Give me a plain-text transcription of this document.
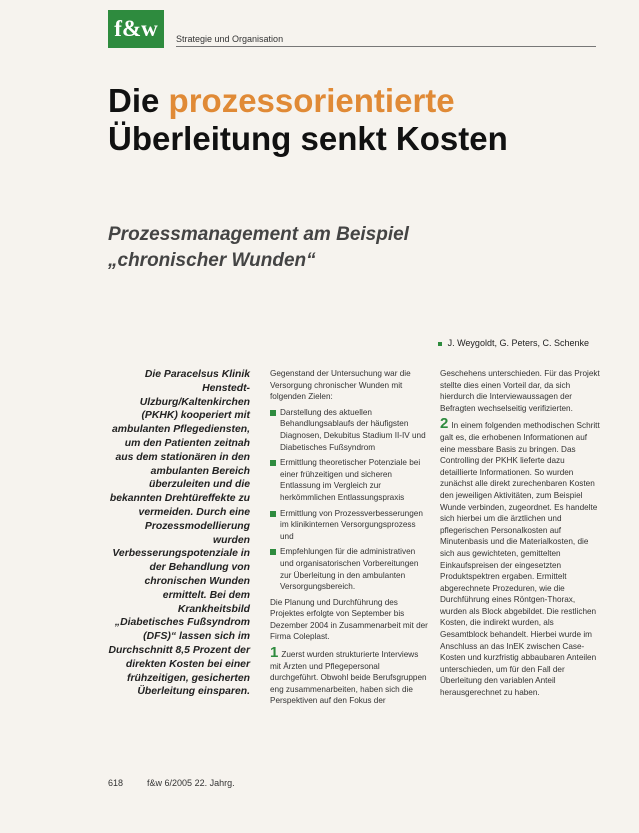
f&w	Strategie und Organisation
Die prozessorientierte
Überleitung senkt Kosten
Prozessmanagement am Beispiel
„chronischer Wunden“
J. Weygoldt, G. Peters, C. Schenke
Die Paracelsus Klinik Henstedt-Ulzburg/Kaltenkirchen (PKHK) kooperiert mit ambulanten Pflegediensten, um den Patienten zeitnah aus dem stationären in den ambulanten Bereich überzuleiten und die bekannten Drehtüreffekte zu vermeiden. Durch eine Prozessmodellierung wurden Verbesserungspotenziale in der Behandlung von chronischen Wunden ermittelt. Bei dem Krankheitsbild „Diabetisches Fußsyndrom (DFS)“ lassen sich im Durchschnitt 8,5 Prozent der direkten Kosten bei einer frühzeitigen, gesicherten Überleitung einsparen.

Gegenstand der Untersuchung war die Versorgung chronischer Wunden mit folgenden Zielen:

Darstellung des aktuellen Behandlungsablaufs der häufigsten Diagnosen, Dekubitus Stadium II-IV und Diabetisches Fußsyndrom
Ermittlung theoretischer Potenziale bei einer frühzeitigen und sicheren Entlassung im Vergleich zur herkömmlichen Entlassungspraxis
Ermittlung von Prozessverbesserungen im klinikinternen Versorgungsprozess und
Empfehlungen für die administrativen und organisatorischen Vorbereitungen zur Überleitung in den ambulanten Versorgungsbereich.

Die Planung und Durchführung des Projektes erfolgte von September bis Dezember 2004 in Zusammenarbeit mit der Firma Coleplast.

1 Zuerst wurden strukturierte Interviews mit Ärzten und Pflegepersonal durchgeführt. Obwohl beide Berufsgruppen eng zusammenarbeiten, haben sich die Perspektiven auf den Fokus der

Geschehens unterschieden. Für das Projekt stellte dies einen Vorteil dar, da sich hierdurch die Interviewaussagen der Befragten wechselseitig verifizierten.

2 In einem folgenden methodischen Schritt galt es, die erhobenen Informationen auf eine messbare Basis zu bringen. Das Controlling der PKHK lieferte dazu detaillierte Informationen. So wurden zunächst alle direkt zurechenbaren Kosten den jeweiligen Aktivitäten, zum Beispiel Wunde verbinden, zugeordnet. Es handelte sich hierbei um die ärztlichen und pflegerischen Personalkosten auf Minutenbasis und die Materialkosten, die sich aus gewichteten, gemittelten Einkaufspreisen der eingesetzten Produktspektren ergaben. Ermittelt abgerechnete Prozeduren, wie die Durchführung eines Röntgen-Thorax, wurden als Block abgebildet. Die restlichen Kosten, die indirekt wurden, als Gesamtblock behandelt. Hierbei wurde im Anschluss an das InEK zwischen Case-Kosten und kurzfristig abbaubaren Anteilen unterschieden, um für den Fall der Überleitung den variablen Anteil herausgerechnet zu haben.

618	f&w 6/2005 22. Jahrg.
